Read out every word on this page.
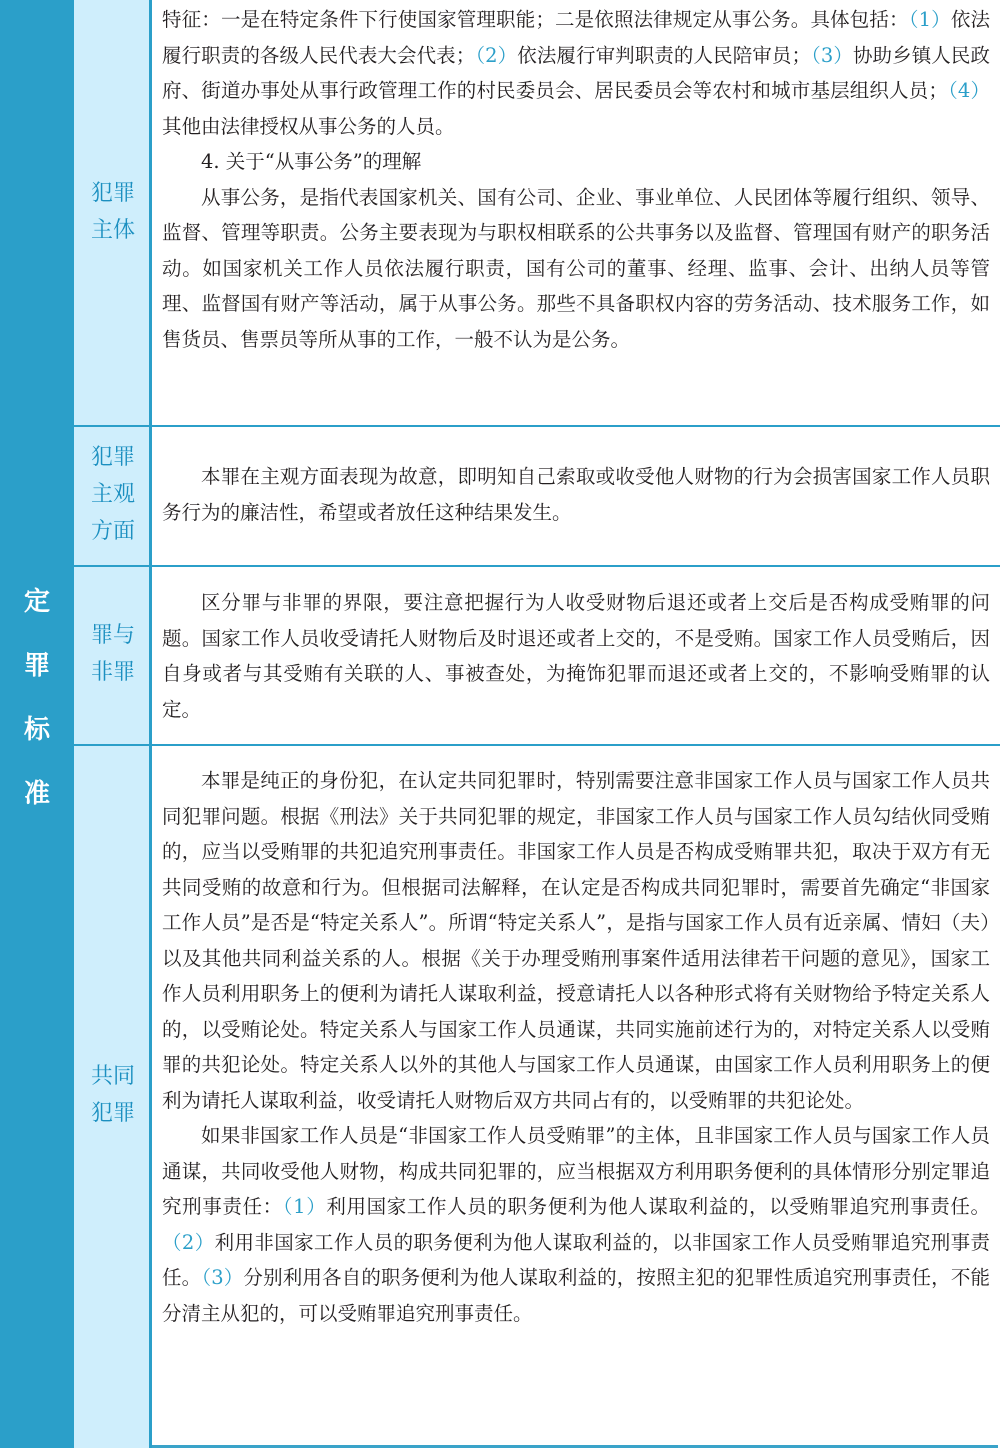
定
罪
标
准
犯罪
主体

特征：一是在特定条件下行使国家管理职能；二是依照法律规定从事公务。具体包括：（1）依法履行职责的各级人民代表大会代表；（2）依法履行审判职责的人民陪审员；（3）协助乡镇人民政府、街道办事处从事行政管理工作的村民委员会、居民委员会等农村和城市基层组织人员；（4）其他由法律授权从事公务的人员。

4. 关于“从事公务”的理解

从事公务，是指代表国家机关、国有公司、企业、事业单位、人民团体等履行组织、领导、监督、管理等职责。公务主要表现为与职权相联系的公共事务以及监督、管理国有财产的职务活动。如国家机关工作人员依法履行职责，国有公司的董事、经理、监事、会计、出纳人员等管理、监督国有财产等活动，属于从事公务。那些不具备职权内容的劳务活动、技术服务工作，如售货员、售票员等所从事的工作，一般不认为是公务。

犯罪
主观
方面

本罪在主观方面表现为故意，即明知自己索取或收受他人财物的行为会损害国家工作人员职务行为的廉洁性，希望或者放任这种结果发生。

罪与
非罪

区分罪与非罪的界限，要注意把握行为人收受财物后退还或者上交后是否构成受贿罪的问题。国家工作人员收受请托人财物后及时退还或者上交的，不是受贿。国家工作人员受贿后，因自身或者与其受贿有关联的人、事被查处，为掩饰犯罪而退还或者上交的，不影响受贿罪的认定。

共同
犯罪

本罪是纯正的身份犯，在认定共同犯罪时，特别需要注意非国家工作人员与国家工作人员共同犯罪问题。根据《刑法》关于共同犯罪的规定，非国家工作人员与国家工作人员勾结伙同受贿的，应当以受贿罪的共犯追究刑事责任。非国家工作人员是否构成受贿罪共犯，取决于双方有无共同受贿的故意和行为。但根据司法解释，在认定是否构成共同犯罪时，需要首先确定“非国家工作人员”是否是“特定关系人”。所谓“特定关系人”，是指与国家工作人员有近亲属、情妇（夫）以及其他共同利益关系的人。根据《关于办理受贿刑事案件适用法律若干问题的意见》，国家工作人员利用职务上的便利为请托人谋取利益，授意请托人以各种形式将有关财物给予特定关系人的，以受贿论处。特定关系人与国家工作人员通谋，共同实施前述行为的，对特定关系人以受贿罪的共犯论处。特定关系人以外的其他人与国家工作人员通谋，由国家工作人员利用职务上的便利为请托人谋取利益，收受请托人财物后双方共同占有的，以受贿罪的共犯论处。

如果非国家工作人员是“非国家工作人员受贿罪”的主体，且非国家工作人员与国家工作人员通谋，共同收受他人财物，构成共同犯罪的，应当根据双方利用职务便利的具体情形分别定罪追究刑事责任：（1）利用国家工作人员的职务便利为他人谋取利益的，以受贿罪追究刑事责任。（2）利用非国家工作人员的职务便利为他人谋取利益的，以非国家工作人员受贿罪追究刑事责任。（3）分别利用各自的职务便利为他人谋取利益的，按照主犯的犯罪性质追究刑事责任，不能分清主从犯的，可以受贿罪追究刑事责任。
